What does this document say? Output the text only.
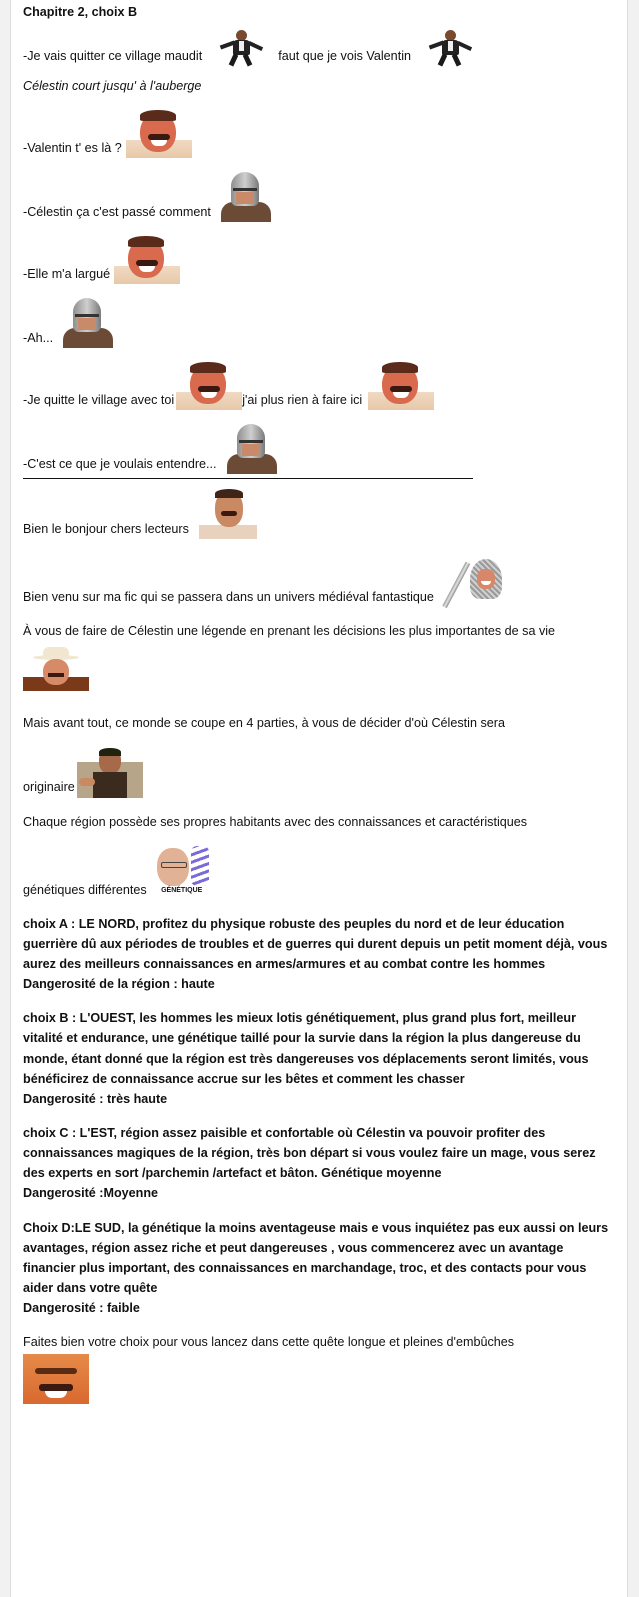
Chapitre 2, choix B

-Je vais quitter ce village maudit	faut que je vois Valentin

Célestin court jusqu' à l'auberge

-Valentin t' es là ?
-Célestin ça c'est passé comment
-Elle m'a largué
-Ah...
-Je quitte le village avec toi	j'ai plus rien à faire ici
-C'est ce que je voulais entendre...
Bien le bonjour chers lecteurs
Bien venu sur ma fic qui se passera dans un univers médiéval fantastique

À vous de faire de Célestin une légende en prenant les décisions les plus importantes de sa vie

Mais avant tout, ce monde se coupe en 4 parties, à vous de décider d'où Célestin sera

originaire

Chaque région possède ses propres habitants avec des connaissances et caractéristiques

génétiques différentes	GÉNÉTIQUE

choix A : LE NORD, profitez du physique robuste des peuples du nord et de leur éducation guerrière dû aux périodes de troubles et de guerres qui durent depuis un petit moment déjà, vous aurez des meilleurs connaissances en armes/armures et au combat contre les hommes

Dangerosité de la région : haute

choix B : L'OUEST, les hommes les mieux lotis génétiquement, plus grand plus fort, meilleur vitalité et endurance, une génétique taillé pour la survie dans la région la plus dangereuse du monde, étant donné que la région est très dangereuses vos déplacements seront limités, vous bénéficirez de connaissance accrue sur les bêtes et comment les chasser

Dangerosité : très haute

choix C : L'EST, région assez paisible et confortable où Célestin va pouvoir profiter des connaissances magiques de la région, très bon départ si vous voulez faire un mage, vous serez des experts en sort /parchemin /artefact et bâton. Génétique moyenne

Dangerosité :Moyenne

Choix D:LE SUD, la génétique la moins aventageuse mais e vous inquiétez pas eux aussi on leurs avantages, région assez riche et peut dangereuses , vous commencerez avec un avantage financier plus important, des connaissances en marchandage, troc, et des contacts pour vous aider dans votre quête

Dangerosité : faible

Faites bien votre choix pour vous lancez dans cette quête longue et pleines d'embûches
